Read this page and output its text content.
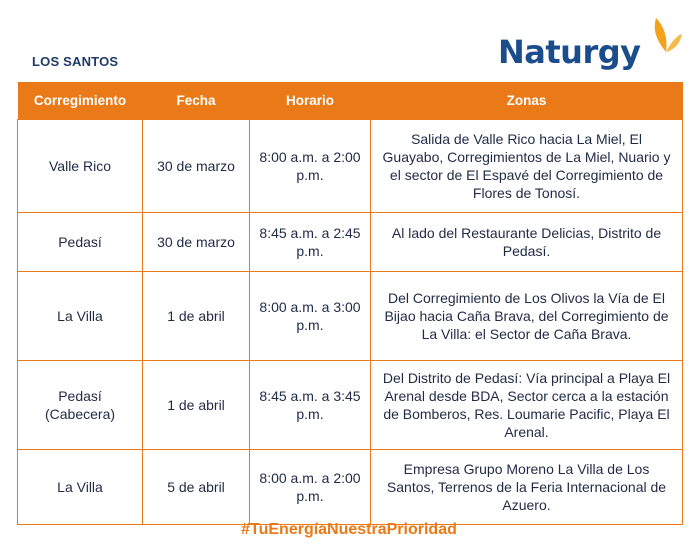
LOS SANTOS	Naturgy
Corregimiento	Fecha	Horario	Zonas
Valle Rico	30 de marzo	8:00 a.m. a 2:00 p.m.	Salida de Valle Rico hacia La Miel, El Guayabo, Corregimientos de La Miel, Nuario y el sector de El Espavé del Corregimiento de Flores de Tonosí.
Pedasí	30 de marzo	8:45 a.m. a 2:45 p.m.	Al lado del Restaurante Delicias, Distrito de Pedasí.
La Villa	1 de abril	8:00 a.m. a 3:00 p.m.	Del Corregimiento de Los Olivos la Vía de El Bijao hacia Caña Brava, del Corregimiento de La Villa: el Sector de Caña Brava.
Pedasí (Cabecera)	1 de abril	8:45 a.m. a 3:45 p.m.	Del Distrito de Pedasí: Vía principal a Playa El Arenal desde BDA, Sector cerca a la estación de Bomberos, Res. Loumarie Pacific, Playa El Arenal.
La Villa	5 de abril	8:00 a.m. a 2:00 p.m.	Empresa Grupo Moreno La Villa de Los Santos, Terrenos de la Feria Internacional de Azuero.
#TuEnergíaNuestraPrioridad
